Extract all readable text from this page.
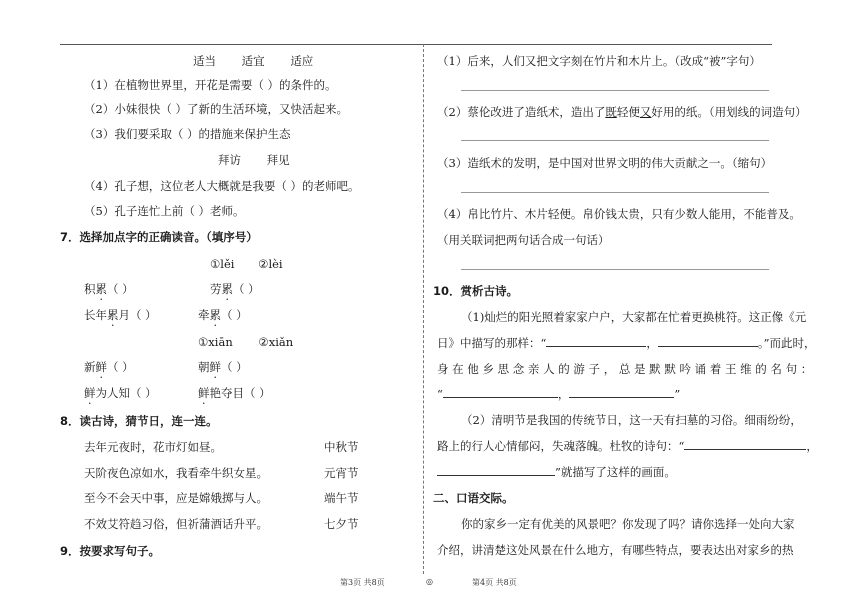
适当 适宜 适应
（1）在植物世界里，开花是需要（ ）的条件的。
（2）小妹很快（ ）了新的生活环境，又快活起来。
（3）我们要采取（ ）的措施来保护生态
拜访 拜见
（4）孔子想，这位老人大概就是我要（ ）的老师吧。
（5）孔子连忙上前（ ）老师。
7．选择加点字的正确读音。（填序号）
①lěi ②lèi
积累（ ）	劳累（ ）
长年累月（ ）	牵累（ ）
①xiān ②xiǎn
新鲜（ ）	朝鲜（ ）
鲜为人知（ ）	鲜艳夺目（ ）
8．读古诗，猜节日，连一连。
去年元夜时，花市灯如昼。	中秋节
天阶夜色凉如水，我看牵牛织女星。	元宵节
至今不会天中事，应是嫦娥掷与人。	端午节
不效艾符趋习俗，但祈蒲酒话升平。	七夕节
9．按要求写句子。
（1）后来，人们又把文字刻在竹片和木片上。（改成“被”字句）
（2）蔡伦改进了造纸术，造出了既轻便又好用的纸。（用划线的词造句）
（3）造纸术的发明，是中国对世界文明的伟大贡献之一。（缩句）
（4）帛比竹片、木片轻便。帛价钱太贵，只有少数人能用，不能普及。
（用关联词把两句话合成一句话）
10．赏析古诗。
（1)灿烂的阳光照着家家户户，大家都在忙着更换桃符。这正像《元
日》中描写的那样：“	，	。”而此时，
身 在 他 乡 思 念 亲 人 的 游 子 ， 总 是 默 默 吟 诵 着 王 维 的 名 句 ：
“	，	”
（2）清明节是我国的传统节日，这一天有扫墓的习俗。细雨纷纷，
路上的行人心情郁闷，失魂落魄。杜牧的诗句：“	，
”就描写了这样的画面。
二、口语交际。
你的家乡一定有优美的风景吧？你发现了吗？请你选择一处向大家
介绍，讲清楚这处风景在什么地方，有哪些特点，要表达出对家乡的热
第3页 共8页	◎	第4页 共8页
